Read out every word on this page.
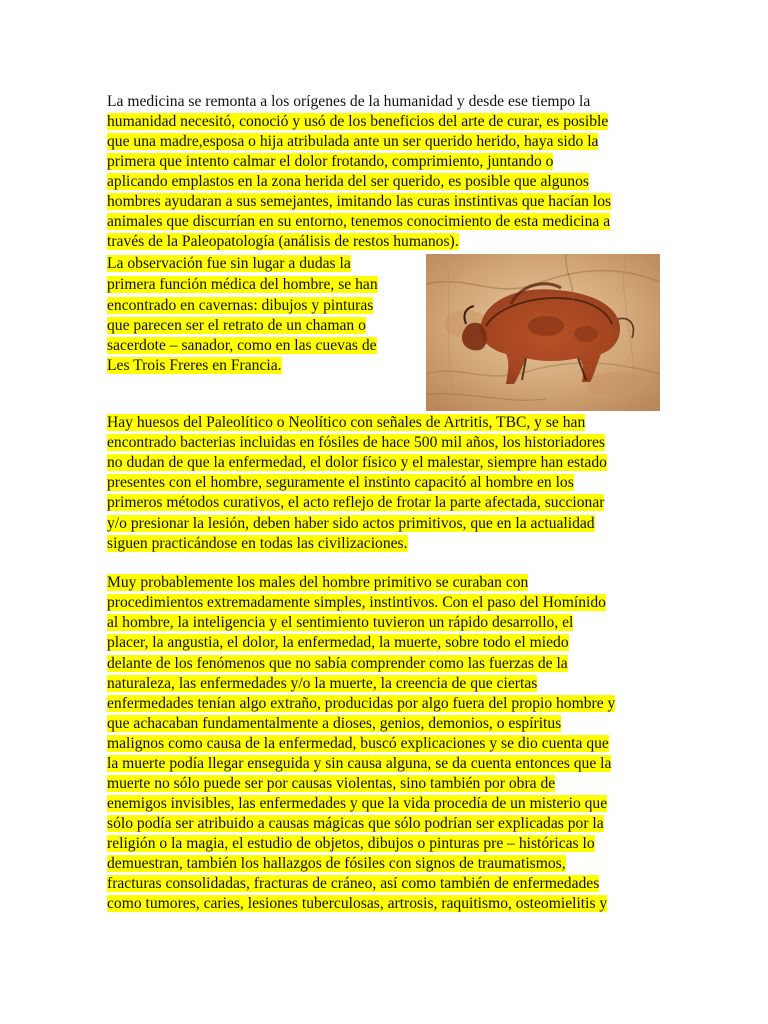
La medicina se remonta a los orígenes de la humanidad y desde ese tiempo la
humanidad necesitó, conoció y usó de los beneficios del arte de curar, es posible
que una madre,esposa o hija atribulada ante un ser querido herido, haya sido la
primera que intento calmar el dolor frotando, comprimiento, juntando o
aplicando emplastos en la zona herida del ser querido, es posible que algunos
hombres ayudaran a sus semejantes, imitando las curas instintivas que hacían los
animales que discurrían en su entorno, tenemos conocimiento de esta medicina a
través de la Paleopatología (análisis de restos humanos).
La observación fue sin lugar a dudas la
primera función médica del hombre, se han
encontrado en cavernas: dibujos y pinturas
que parecen ser el retrato de un chaman o
sacerdote – sanador, como en las cuevas de
Les Trois Freres en Francia.
Hay huesos del Paleolítico o Neolítico con señales de Artritis, TBC, y se han
encontrado bacterias incluidas en fósiles de hace 500 mil años, los historiadores
no dudan de que la enfermedad, el dolor físico y el malestar, siempre han estado
presentes con el hombre, seguramente el instinto capacitó al hombre en los
primeros métodos curativos, el acto reflejo de frotar la parte afectada, succionar
y/o presionar la lesión, deben haber sido actos primitivos, que en la actualidad
siguen practicándose en todas las civilizaciones.
Muy probablemente los males del hombre primitivo se curaban con
procedimientos extremadamente simples, instintivos. Con el paso del Homínido
al hombre, la inteligencia y el sentimiento tuvieron un rápido desarrollo, el
placer, la angustia, el dolor, la enfermedad, la muerte, sobre todo el miedo
delante de los fenómenos que no sabía comprender como las fuerzas de la
naturaleza, las enfermedades y/o la muerte, la creencia de que ciertas
enfermedades tenían algo extraño, producidas por algo fuera del propio hombre y
que achacaban fundamentalmente a dioses, genios, demonios, o espíritus
malignos como causa de la enfermedad, buscó explicaciones y se dio cuenta que
la muerte podía llegar enseguida y sin causa alguna, se da cuenta entonces que la
muerte no sólo puede ser por causas violentas, sino también por obra de
enemigos invisibles, las enfermedades y que la vida procedía de un misterio que
sólo podía ser atribuido a causas mágicas que sólo podrían ser explicadas por la
religión o la magia, el estudio de objetos, dibujos o pinturas pre – históricas lo
demuestran, también los hallazgos de fósiles con signos de traumatismos,
fracturas consolidadas, fracturas de cráneo, así como también de enfermedades
como tumores, caries, lesiones tuberculosas, artrosis, raquitismo, osteomielitis y
